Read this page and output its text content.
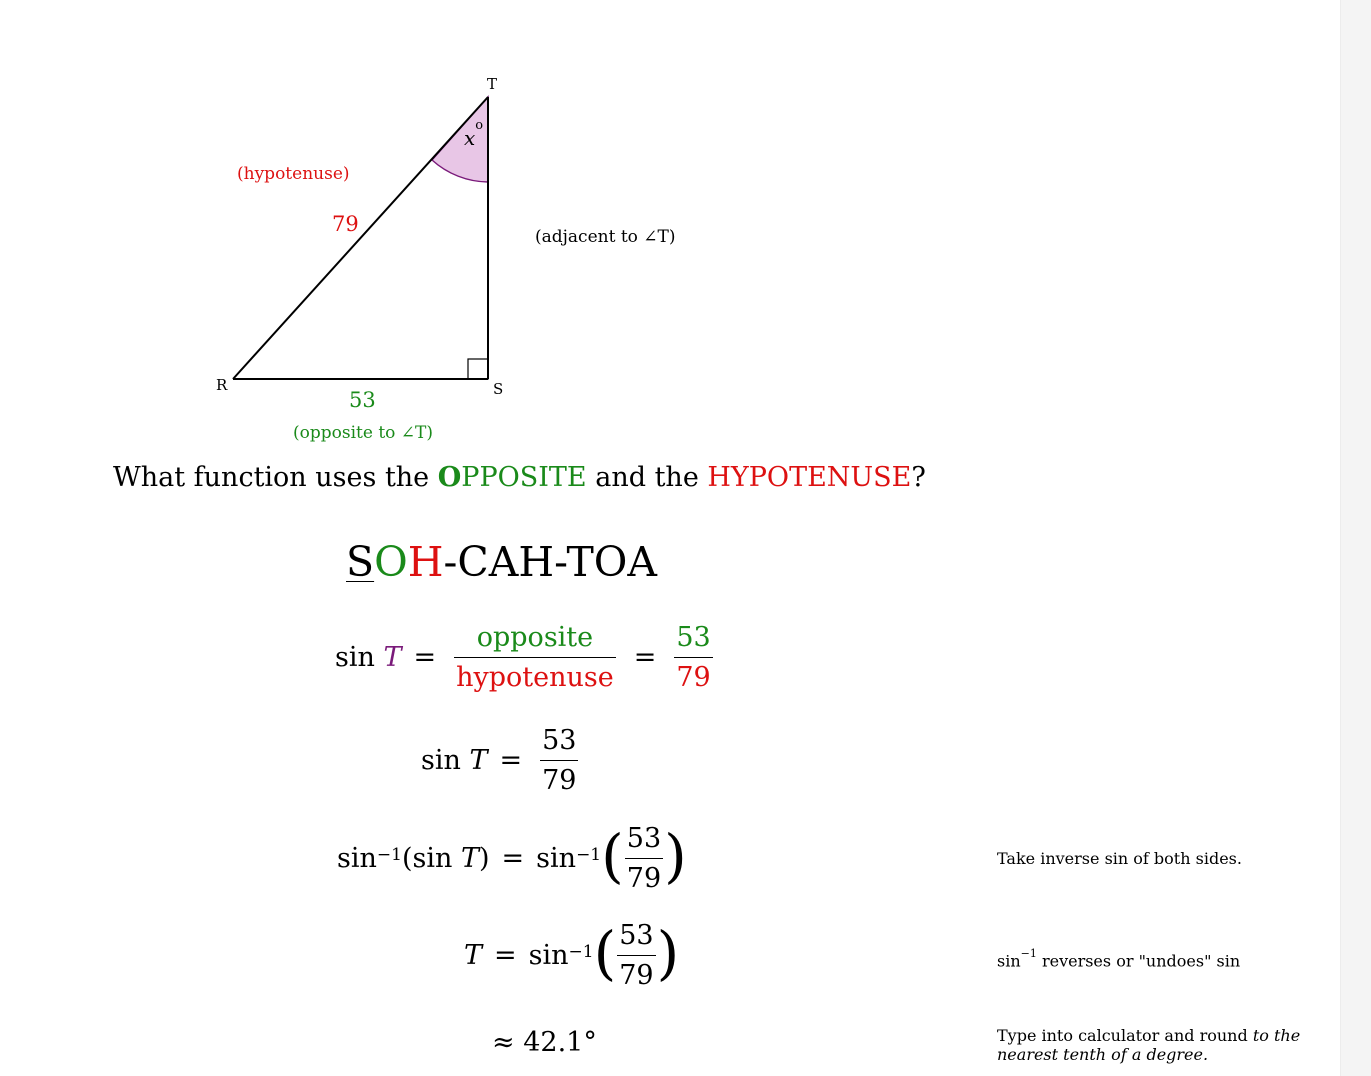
T
R	S
$x^o$
(hypotenuse)
79
(adjacent to ∠T)
53
(opposite to ∠T)
What function uses the OPPOSITE and the HYPOTENUSE?
SOH-CAH-TOA
sin
$T = \frac{\text{opposite}}{\text{hypotenuse}} = \frac{53}{79}$
sin
$T = \frac{53}{79}$
$\sin^{-1}$ ( sin
T ) = $\sin^{-1}$ ( $\frac{53}{79}$ )
$T = \sin^{-1}$ ( $\frac{53}{79}$ )
≈
42.1°
Take inverse sin of both sides.
$\sin^{-1}$ reverses or "undoes" sin
Type into calculator and round to the
nearest tenth of a degree.
